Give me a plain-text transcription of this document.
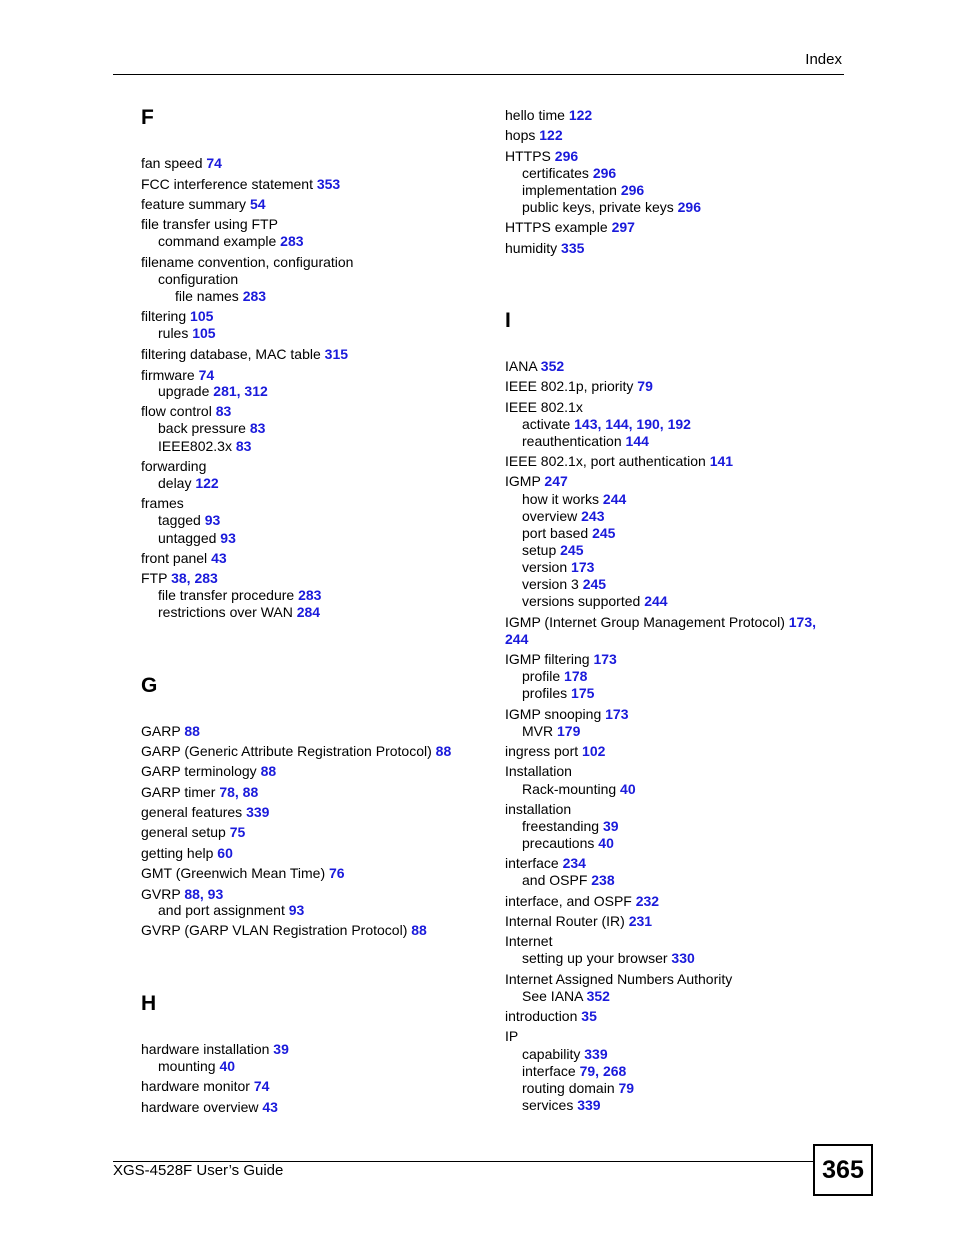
Index
F
fan speed 74
FCC interference statement 353
feature summary 54
file transfer using FTP
command example 283
filename convention, configuration
configuration
file names 283
filtering 105
rules 105
filtering database, MAC table 315
firmware 74
upgrade 281, 312
flow control 83
back pressure 83
IEEE802.3x 83
forwarding
delay 122
frames
tagged 93
untagged 93
front panel 43
FTP 38, 283
file transfer procedure 283
restrictions over WAN 284
G
GARP 88
GARP (Generic Attribute Registration Protocol) 88
GARP terminology 88
GARP timer 78, 88
general features 339
general setup 75
getting help 60
GMT (Greenwich Mean Time) 76
GVRP 88, 93
and port assignment 93
GVRP (GARP VLAN Registration Protocol) 88
H
hardware installation 39
mounting 40
hardware monitor 74
hardware overview 43
hello time 122
hops 122
HTTPS 296
certificates 296
implementation 296
public keys, private keys 296
HTTPS example 297
humidity 335
I
IANA 352
IEEE 802.1p, priority 79
IEEE 802.1x
activate 143, 144, 190, 192
reauthentication 144
IEEE 802.1x, port authentication 141
IGMP 247
how it works 244
overview 243
port based 245
setup 245
version 173
version 3 245
versions supported 244
IGMP (Internet Group Management Protocol) 173,
244
IGMP filtering 173
profile 178
profiles 175
IGMP snooping 173
MVR 179
ingress port 102
Installation
Rack-mounting 40
installation
freestanding 39
precautions 40
interface 234
and OSPF 238
interface, and OSPF 232
Internal Router (IR) 231
Internet
setting up your browser 330
Internet Assigned Numbers Authority
See IANA 352
introduction 35
IP
capability 339
interface 79, 268
routing domain 79
services 339
XGS-4528F User’s Guide	365
